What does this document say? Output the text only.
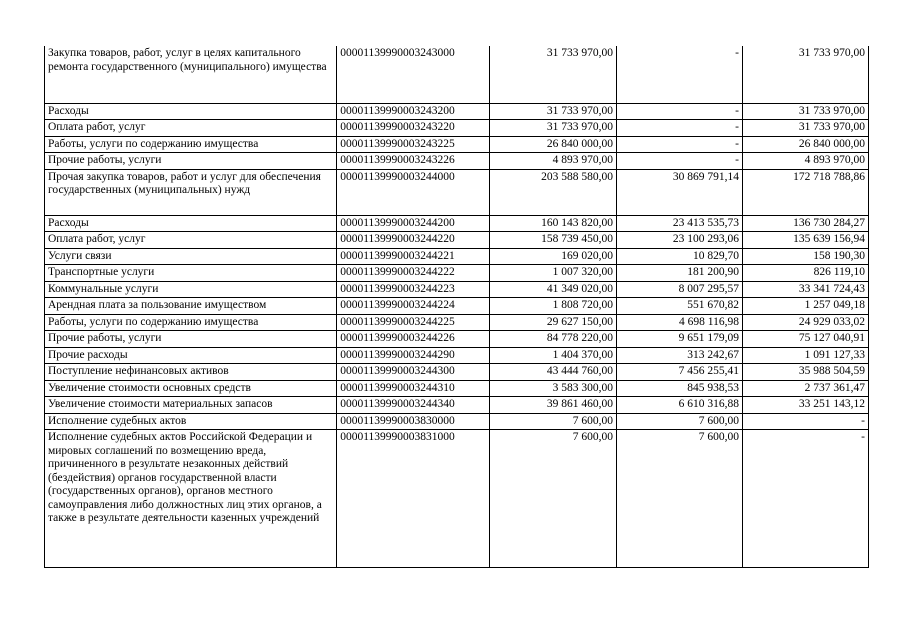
Закупка товаров, работ, услуг в целях капитального ремонта государственного (муниципального) имущества	00001139990003243000	31 733 970,00	-	31 733 970,00
Расходы	00001139990003243200	31 733 970,00	-	31 733 970,00
Оплата работ, услуг	00001139990003243220	31 733 970,00	-	31 733 970,00
Работы, услуги по содержанию имущества	00001139990003243225	26 840 000,00	-	26 840 000,00
Прочие работы, услуги	00001139990003243226	4 893 970,00	-	4 893 970,00
Прочая закупка товаров, работ и услуг для обеспечения государственных (муниципальных) нужд	00001139990003244000	203 588 580,00	30 869 791,14	172 718 788,86
Расходы	00001139990003244200	160 143 820,00	23 413 535,73	136 730 284,27
Оплата работ, услуг	00001139990003244220	158 739 450,00	23 100 293,06	135 639 156,94
Услуги связи	00001139990003244221	169 020,00	10 829,70	158 190,30
Транспортные услуги	00001139990003244222	1 007 320,00	181 200,90	826 119,10
Коммунальные услуги	00001139990003244223	41 349 020,00	8 007 295,57	33 341 724,43
Арендная плата за пользование имуществом	00001139990003244224	1 808 720,00	551 670,82	1 257 049,18
Работы, услуги по содержанию имущества	00001139990003244225	29 627 150,00	4 698 116,98	24 929 033,02
Прочие работы, услуги	00001139990003244226	84 778 220,00	9 651 179,09	75 127 040,91
Прочие расходы	00001139990003244290	1 404 370,00	313 242,67	1 091 127,33
Поступление нефинансовых активов	00001139990003244300	43 444 760,00	7 456 255,41	35 988 504,59
Увеличение стоимости основных средств	00001139990003244310	3 583 300,00	845 938,53	2 737 361,47
Увеличение стоимости материальных запасов	00001139990003244340	39 861 460,00	6 610 316,88	33 251 143,12
Исполнение судебных актов	00001139990003830000	7 600,00	7 600,00	-
Исполнение судебных актов Российской Федерации и мировых соглашений по возмещению вреда, причиненного в результате незаконных действий (бездействия) органов государственной власти (государственных органов), органов местного самоуправления либо должностных лиц этих органов, а также в результате деятельности казенных учреждений	00001139990003831000	7 600,00	7 600,00	-
